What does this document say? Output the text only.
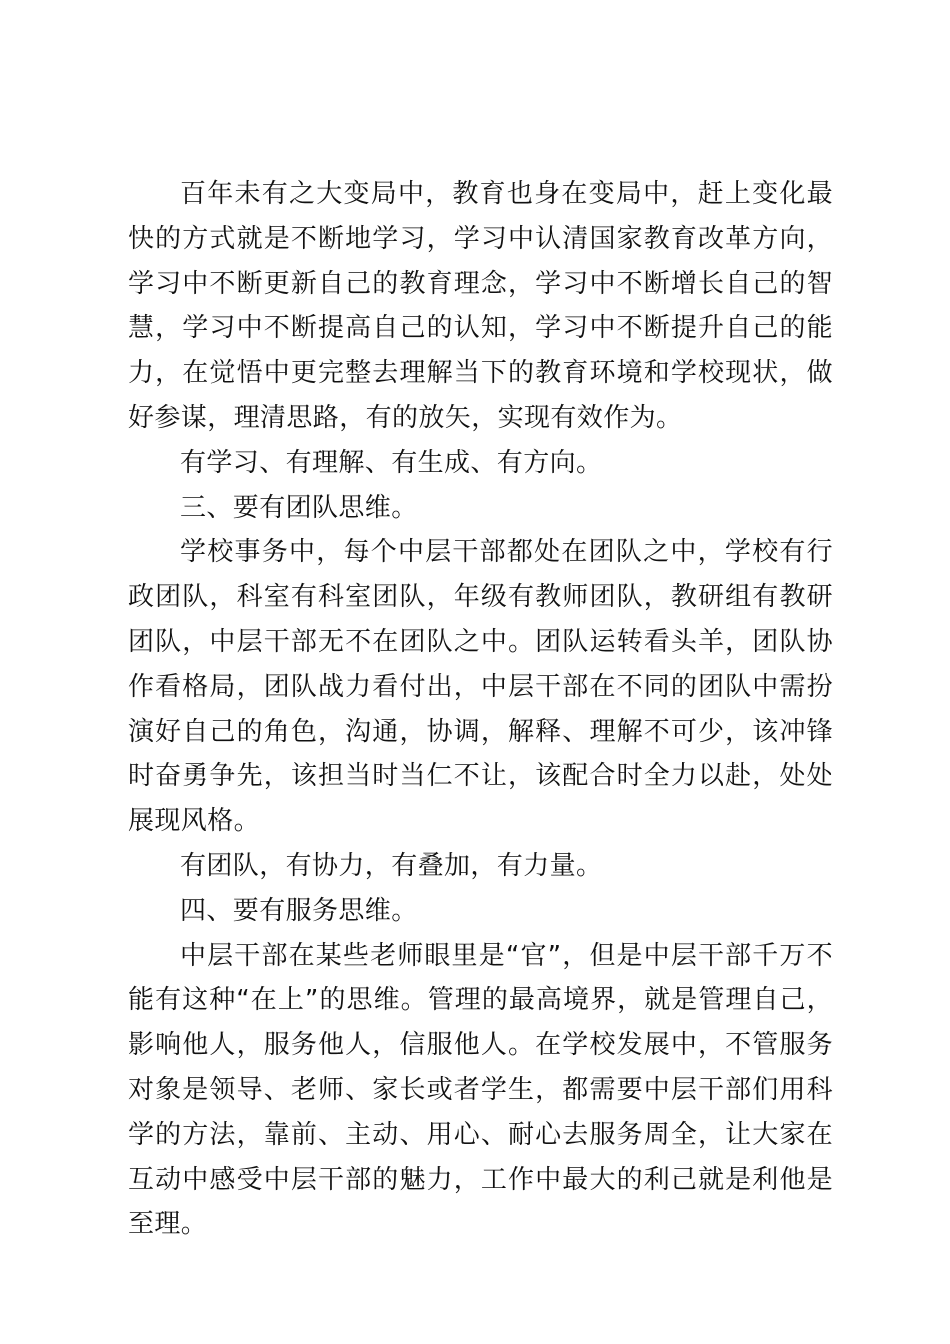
百年未有之大变局中，教育也身在变局中，赶上变化最快的方式就是不断地学习，学习中认清国家教育改革方向，学习中不断更新自己的教育理念，学习中不断增长自己的智慧，学习中不断提高自己的认知，学习中不断提升自己的能力，在觉悟中更完整去理解当下的教育环境和学校现状，做好参谋，理清思路，有的放矢，实现有效作为。

有学习、有理解、有生成、有方向。

三、要有团队思维。

学校事务中，每个中层干部都处在团队之中，学校有行政团队，科室有科室团队，年级有教师团队，教研组有教研团队，中层干部无不在团队之中。团队运转看头羊，团队协作看格局，团队战力看付出，中层干部在不同的团队中需扮演好自己的角色，沟通，协调，解释、理解不可少，该冲锋时奋勇争先，该担当时当仁不让，该配合时全力以赴，处处展现风格。

有团队，有协力，有叠加，有力量。

四、要有服务思维。

中层干部在某些老师眼里是“官”，但是中层干部千万不能有这种“在上”的思维。管理的最高境界，就是管理自己，影响他人，服务他人，信服他人。在学校发展中，不管服务对象是领导、老师、家长或者学生，都需要中层干部们用科学的方法，靠前、主动、用心、耐心去服务周全，让大家在互动中感受中层干部的魅力，工作中最大的利己就是利他是至理。
